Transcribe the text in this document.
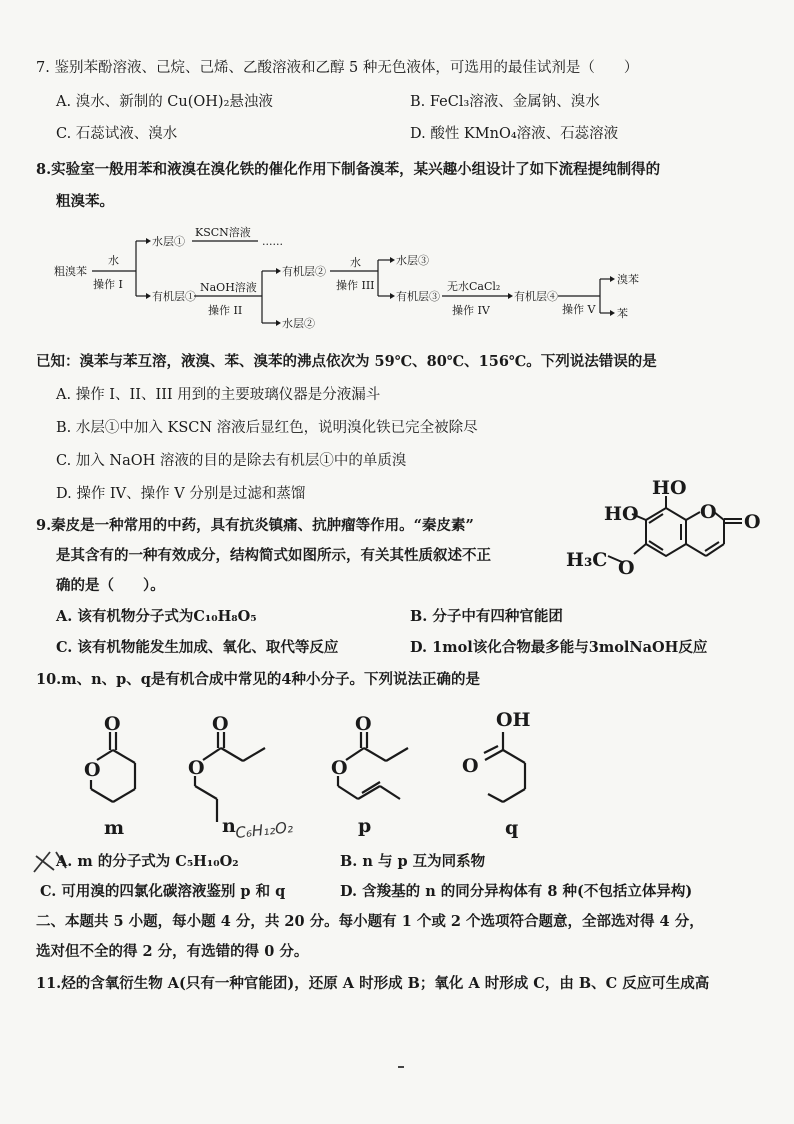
7. 鉴别苯酚溶液、己烷、己烯、乙酸溶液和乙醇 5 种无色液体，可选用的最佳试剂是（　　）
A. 溴水、新制的 Cu(OH)₂悬浊液	B. FeCl₃溶液、金属钠、溴水
C. 石蕊试液、溴水	D. 酸性 KMnO₄溶液、石蕊溶液
8.实验室一般用苯和液溴在溴化铁的催化作用下制备溴苯，某兴趣小组设计了如下流程提纯制得的
粗溴苯。
粗溴苯
水
操作 I
水层①
KSCN溶液
......
有机层①
NaOH溶液
操作 II
有机层②
水层②
水
操作 III
水层③
有机层③
无水CaCl₂
操作 IV
有机层④
操作 V
溴苯
苯
已知：溴苯与苯互溶，液溴、苯、溴苯的沸点依次为 59℃、80℃、156℃。下列说法错误的是
A. 操作 I、II、III 用到的主要玻璃仪器是分液漏斗
B. 水层①中加入 KSCN 溶液后显红色，说明溴化铁已完全被除尽
C. 加入 NaOH 溶液的目的是除去有机层①中的单质溴
D. 操作 IV、操作 V 分别是过滤和蒸馏
9.秦皮是一种常用的中药，具有抗炎镇痛、抗肿瘤等作用。“秦皮素”
是其含有的一种有效成分，结构简式如图所示，有关其性质叙述不正
确的是（　　）。
HO
HO	O O
O
H₃C
A. 该有机物分子式为C₁₀H₈O₅	B. 分子中有四种官能团
C. 该有机物能发生加成、氧化、取代等反应	D. 1mol该化合物最多能与3molNaOH反应
10.m、n、p、q是有机合成中常见的4种小分子。下列说法正确的是
O
O
m
O
O
n
C₆H₁₂O₂
O
O
p
OH
O
q
A. m 的分子式为 C₅H₁₀O₂	B. n 与 p 互为同系物
C. 可用溴的四氯化碳溶液鉴别 p 和 q	D. 含羧基的 n 的同分异构体有 8 种(不包括立体异构)
二、本题共 5 小题，每小题 4 分，共 20 分。每小题有 1 个或 2 个选项符合题意，全部选对得 4 分，
选对但不全的得 2 分，有选错的得 0 分。
11.烃的含氧衍生物 A(只有一种官能团)，还原 A 时形成 B；氧化 A 时形成 C，由 B、C 反应可生成高
